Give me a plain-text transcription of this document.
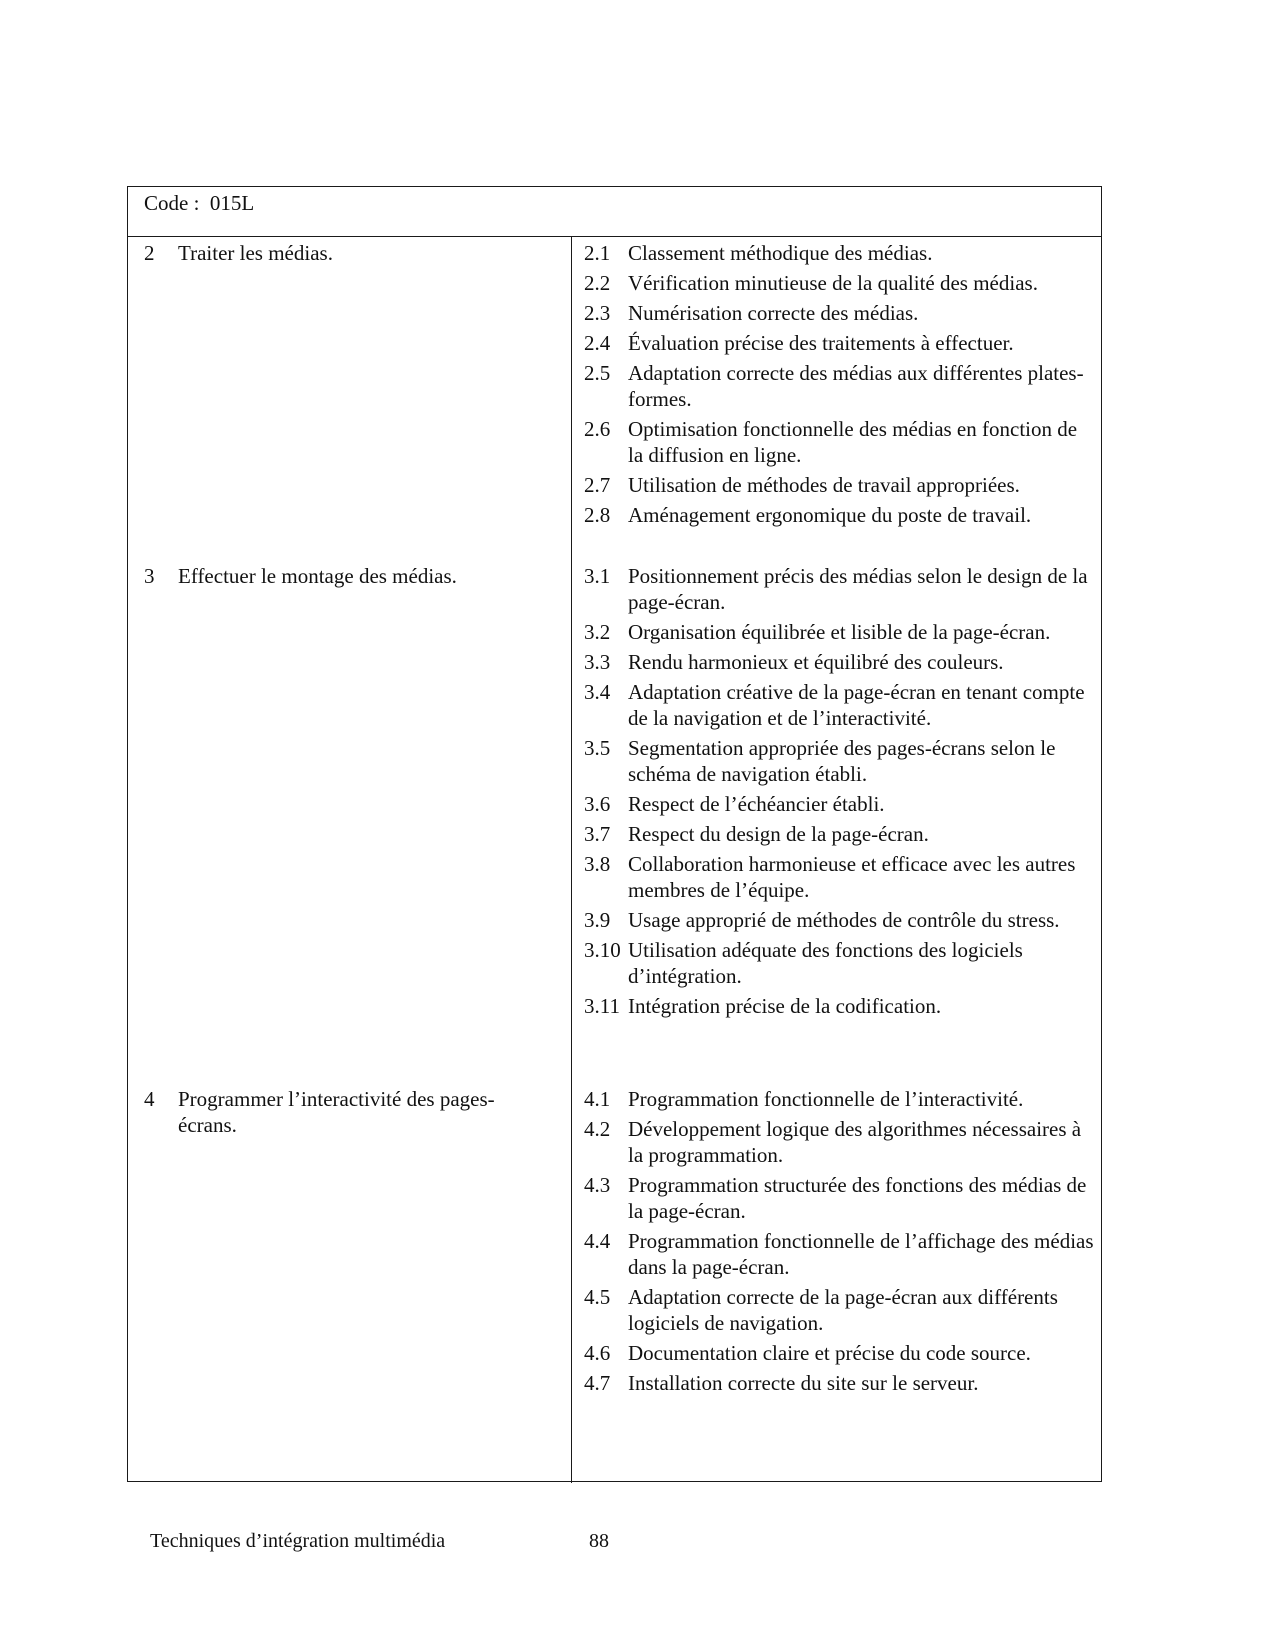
Code : 015L
2 Traiter les médias.	2.1 Classement méthodique des médias.
2.2 Vérification minutieuse de la qualité des médias.
2.3 Numérisation correcte des médias.
2.4 Évaluation précise des traitements à effectuer.
2.5 Adaptation correcte des médias aux différentes plates-formes.
2.6 Optimisation fonctionnelle des médias en fonction de la diffusion en ligne.
2.7 Utilisation de méthodes de travail appropriées.
2.8 Aménagement ergonomique du poste de travail.
3 Effectuer le montage des médias.	3.1 Positionnement précis des médias selon le design de la page-écran.
3.2 Organisation équilibrée et lisible de la page-écran.
3.3 Rendu harmonieux et équilibré des couleurs.
3.4 Adaptation créative de la page-écran en tenant compte de la navigation et de l’interactivité.
3.5 Segmentation appropriée des pages-écrans selon le schéma de navigation établi.
3.6 Respect de l’échéancier établi.
3.7 Respect du design de la page-écran.
3.8 Collaboration harmonieuse et efficace avec les autres membres de l’équipe.
3.9 Usage approprié de méthodes de contrôle du stress.
3.10 Utilisation adéquate des fonctions des logiciels d’intégration.
3.11 Intégration précise de la codification.
4 Programmer l’interactivité des pages-écrans.
4.1 Programmation fonctionnelle de l’interactivité.
4.2 Développement logique des algorithmes nécessaires à la programmation.
4.3 Programmation structurée des fonctions des médias de la page-écran.
4.4 Programmation fonctionnelle de l’affichage des médias dans la page-écran.
4.5 Adaptation correcte de la page-écran aux différents logiciels de navigation.
4.6 Documentation claire et précise du code source.
4.7 Installation correcte du site sur le serveur.
Techniques d’intégration multimédia	88
